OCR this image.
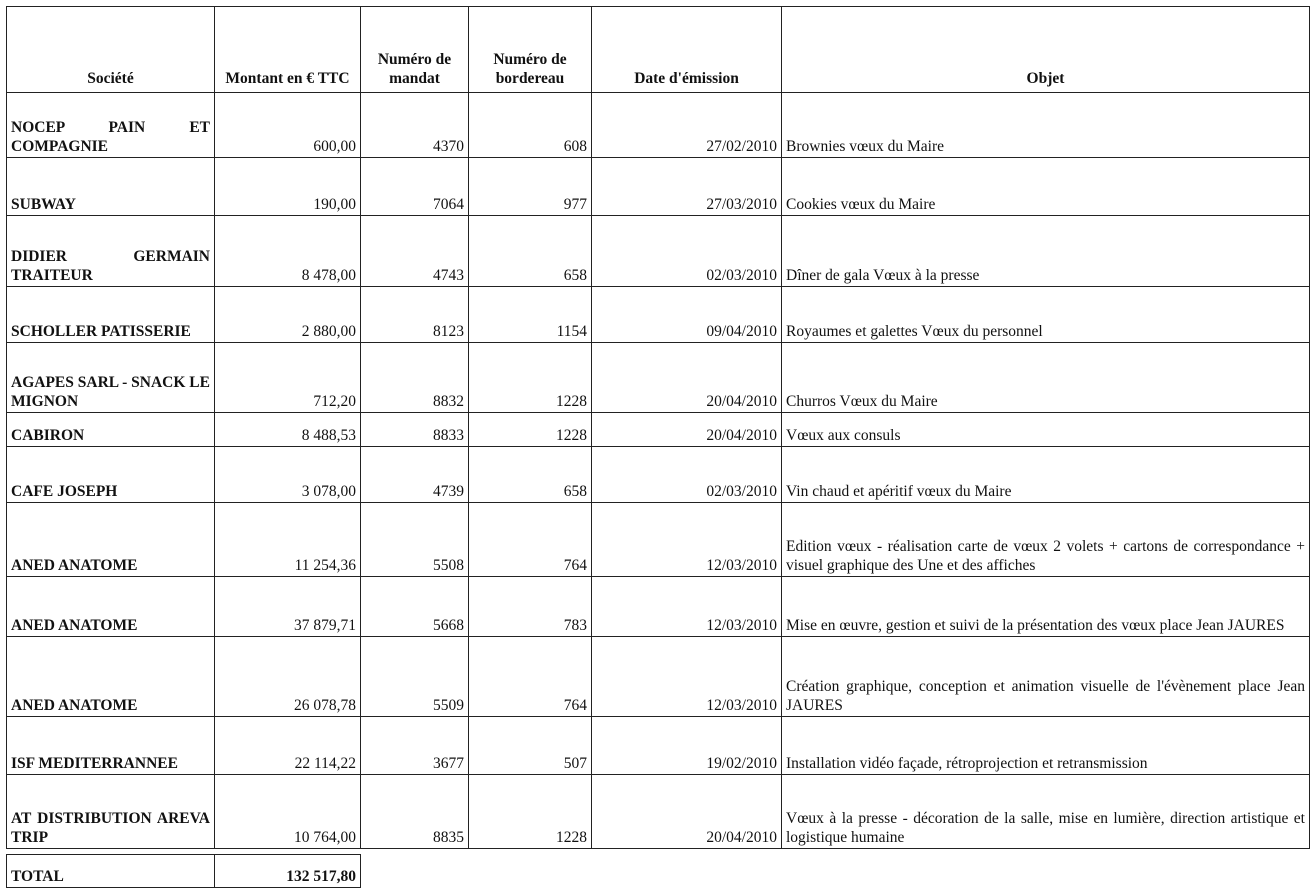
Société	Montant en € TTC	Numéro de mandat	Numéro de bordereau	Date d'émission	Objet
NOCEP PAIN ET COMPAGNIE	600,00	4370	608	27/02/2010	Brownies vœux du Maire
SUBWAY	190,00	7064	977	27/03/2010	Cookies vœux du Maire
DIDIER GERMAIN TRAITEUR	8 478,00	4743	658	02/03/2010	Dîner de gala Vœux à la presse
SCHOLLER PATISSERIE	2 880,00	8123	1154	09/04/2010	Royaumes et galettes Vœux du personnel
AGAPES SARL - SNACK LE MIGNON	712,20	8832	1228	20/04/2010	Churros Vœux du Maire
CABIRON	8 488,53	8833	1228	20/04/2010	Vœux aux consuls
CAFE JOSEPH	3 078,00	4739	658	02/03/2010	Vin chaud et apéritif vœux du Maire
ANED ANATOME	11 254,36	5508	764	12/03/2010	Edition vœux - réalisation carte de vœux 2 volets + cartons de correspondance + visuel graphique des Une et des affiches
ANED ANATOME	37 879,71	5668	783	12/03/2010	Mise en œuvre, gestion et suivi de la présentation des vœux place Jean JAURES
ANED ANATOME	26 078,78	5509	764	12/03/2010	Création graphique, conception et animation visuelle de l'évènement place Jean JAURES
ISF MEDITERRANNEE	22 114,22	3677	507	19/02/2010	Installation vidéo façade, rétroprojection et retransmission
AT DISTRIBUTION AREVA TRIP	10 764,00	8835	1228	20/04/2010	Vœux à la presse - décoration de la salle, mise en lumière, direction artistique et logistique humaine
TOTAL	132 517,80
